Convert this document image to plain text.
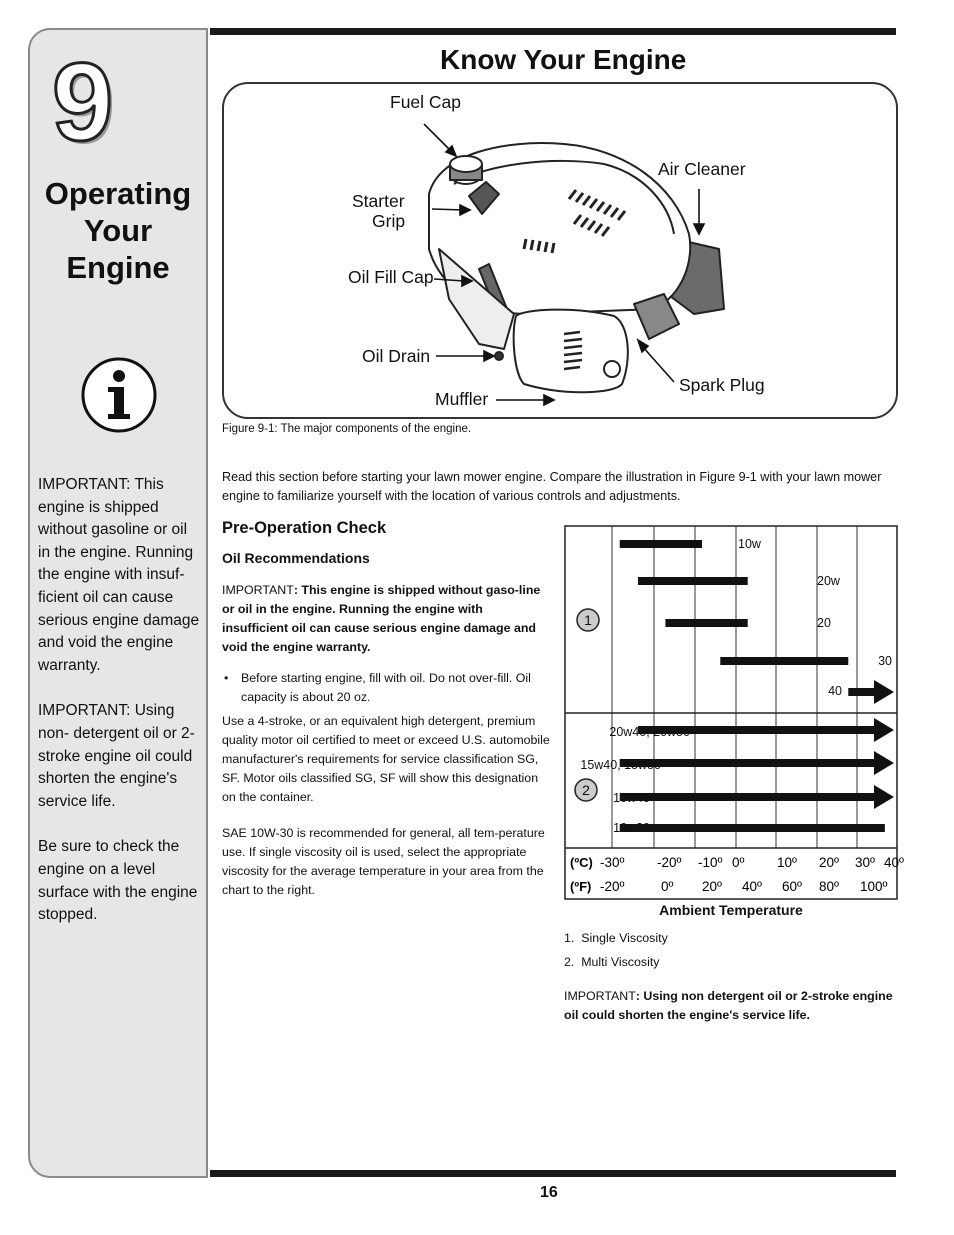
9
Operating
Your
Engine

IMPORTANT: This engine is shipped without gasoline or oil in the engine. Running the engine with insuf-ficient oil can cause serious engine damage and void the engine warranty.

IMPORTANT: Using non- detergent oil or 2-stroke engine oil could shorten the engine's service life.

Be sure to check the engine on a level surface with the engine stopped.

Know Your Engine
Fuel Cap
Air Cleaner
Starter
Grip
Oil Fill Cap
Oil Drain
Muffler
Spark Plug
Figure 9-1: The major components of the engine.
Read this section before starting your lawn mower engine. Compare the illustration in Figure 9-1 with your lawn mower engine to familiarize yourself with the location of various controls and adjustments.
Pre-Operation Check
Oil Recommendations
IMPORTANT: This engine is shipped without gaso-line or oil in the engine. Running the engine with insufficient oil can cause serious engine damage and void the engine warranty.
• Before starting engine, fill with oil. Do not over-fill. Oil capacity is about 20 oz.
Use a 4-stroke, or an equivalent high detergent, premium quality motor oil certified to meet or exceed U.S. automobile manufacturer's requirements for service classification SG, SF. Motor oils classified SG, SF will show this designation on the container.
SAE 10W-30 is recommended for general, all tem-perature use. If single viscosity oil is used, select the appropriate viscosity for the average temperature in your area from the chart to the right.
10w
20w
20
30
40
20w40, 20w50
15w40, 15w50
10w40
10w30
1
2
(ºC) -30º -20º -10º 0º 10º 20º 30º 40º
(ºF) -20º	0º 20º 40º 60º 80º 100º
Ambient Temperature
1.  Single Viscosity
2.  Multi Viscosity
IMPORTANT: Using non detergent oil or 2-stroke engine oil could shorten the engine's service life.
16
